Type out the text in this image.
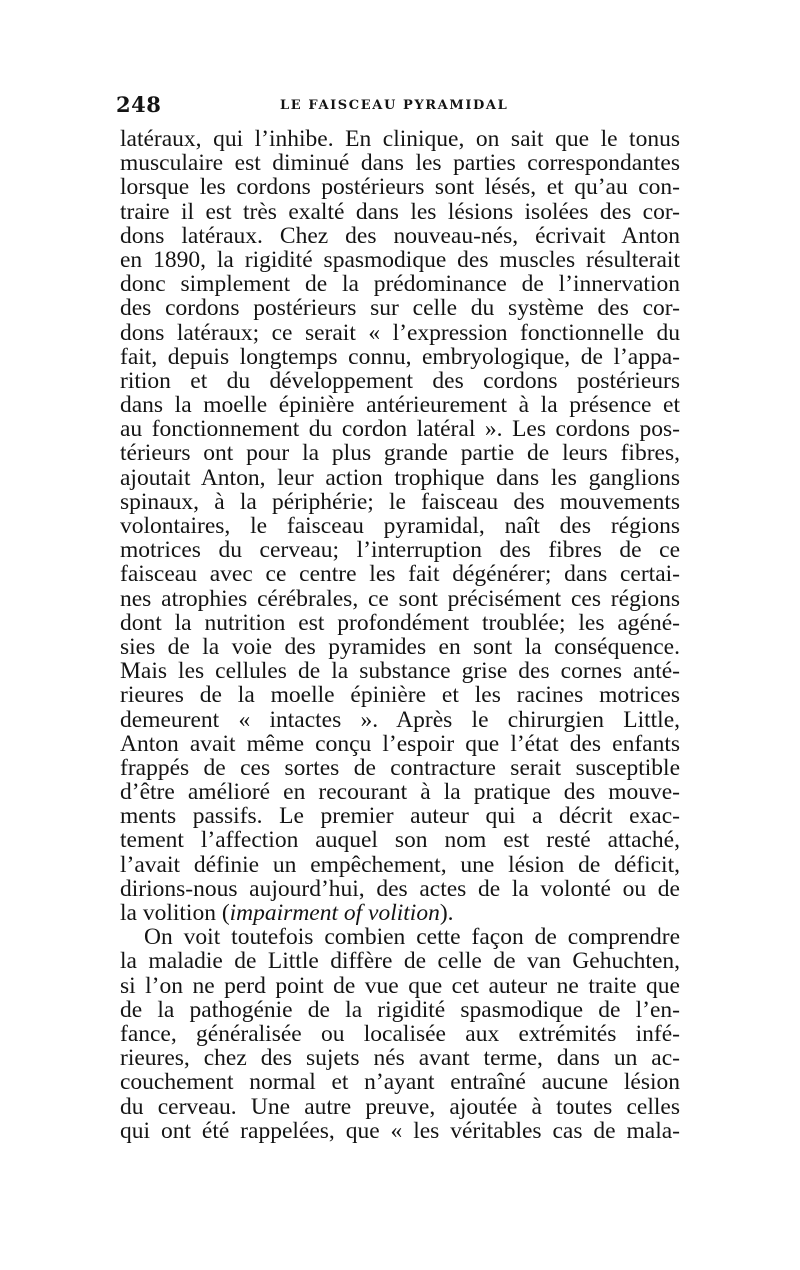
248	LE FAISCEAU PYRAMIDAL
latéraux, qui l’inhibe. En clinique, on sait que le tonus
musculaire est diminué dans les parties correspondantes
lorsque les cordons postérieurs sont lésés, et qu’au con-
traire il est très exalté dans les lésions isolées des cor-
dons latéraux. Chez des nouveau-nés, écrivait Anton
en 1890, la rigidité spasmodique des muscles résulterait
donc simplement de la prédominance de l’innervation
des cordons postérieurs sur celle du système des cor-
dons latéraux; ce serait « l’expression fonctionnelle du
fait, depuis longtemps connu, embryologique, de l’appa-
rition et du développement des cordons postérieurs
dans la moelle épinière antérieurement à la présence et
au fonctionnement du cordon latéral ». Les cordons pos-
térieurs ont pour la plus grande partie de leurs fibres,
ajoutait Anton, leur action trophique dans les ganglions
spinaux, à la périphérie; le faisceau des mouvements
volontaires, le faisceau pyramidal, naît des régions
motrices du cerveau; l’interruption des fibres de ce
faisceau avec ce centre les fait dégénérer; dans certai-
nes atrophies cérébrales, ce sont précisément ces régions
dont la nutrition est profondément troublée; les agéné-
sies de la voie des pyramides en sont la conséquence.
Mais les cellules de la substance grise des cornes anté-
rieures de la moelle épinière et les racines motrices
demeurent « intactes ». Après le chirurgien Little,
Anton avait même conçu l’espoir que l’état des enfants
frappés de ces sortes de contracture serait susceptible
d’être amélioré en recourant à la pratique des mouve-
ments passifs. Le premier auteur qui a décrit exac-
tement l’affection auquel son nom est resté attaché,
l’avait définie un empêchement, une lésion de déficit,
dirions-nous aujourd’hui, des actes de la volonté ou de
la volition (impairment of volition).
On voit toutefois combien cette façon de comprendre
la maladie de Little diffère de celle de van Gehuchten,
si l’on ne perd point de vue que cet auteur ne traite que
de la pathogénie de la rigidité spasmodique de l’en-
fance, généralisée ou localisée aux extrémités infé-
rieures, chez des sujets nés avant terme, dans un ac-
couchement normal et n’ayant entraîné aucune lésion
du cerveau. Une autre preuve, ajoutée à toutes celles
qui ont été rappelées, que « les véritables cas de mala-
